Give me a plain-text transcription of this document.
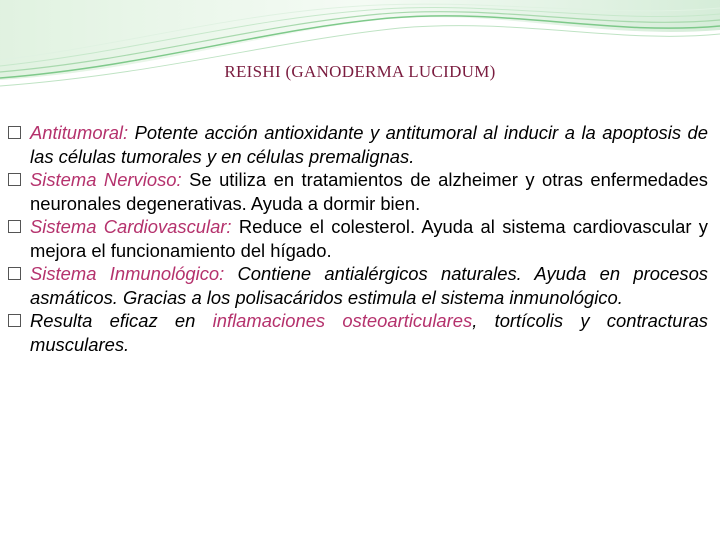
REISHI (GANODERMA LUCIDUM)

Antitumoral: Potente acción antioxidante y antitumoral al inducir a la apoptosis de las células tumorales y en células premalignas.

Sistema Nervioso: Se utiliza en tratamientos de alzheimer y otras enfermedades neuronales degenerativas. Ayuda a dormir bien.

Sistema Cardiovascular: Reduce el colesterol. Ayuda al sistema cardiovascular y mejora el funcionamiento del hígado.

Sistema Inmunológico: Contiene antialérgicos naturales. Ayuda en procesos asmáticos. Gracias a los polisacáridos estimula el sistema inmunológico.

Resulta eficaz en inflamaciones osteoarticulares, tortícolis y contracturas musculares.
